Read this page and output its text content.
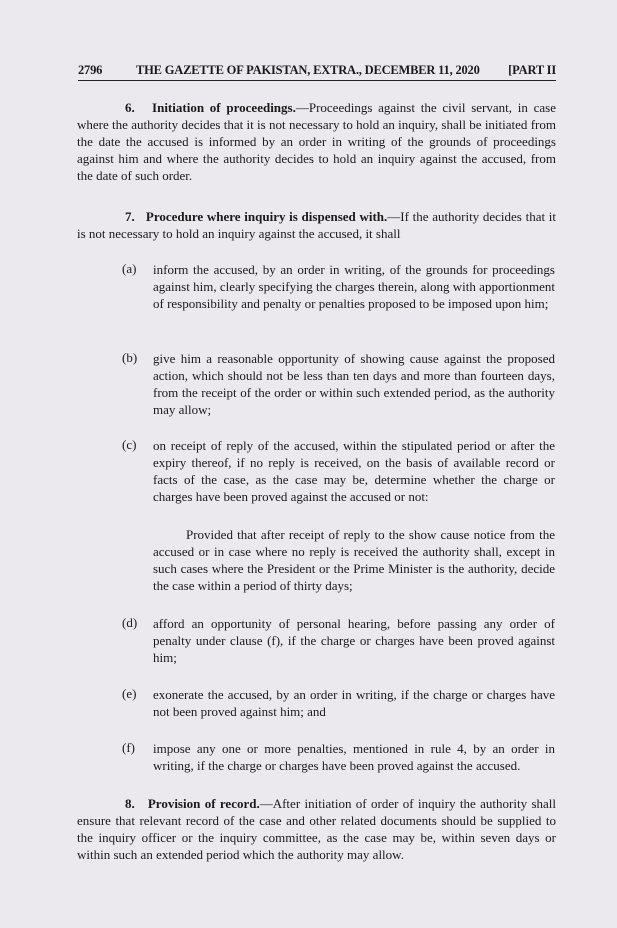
2796	THE GAZETTE OF PAKISTAN, EXTRA., DECEMBER 11, 2020 [PART II
6. Initiation of proceedings.—Proceedings against the civil servant, in case where the authority decides that it is not necessary to hold an inquiry, shall be initiated from the date the accused is informed by an order in writing of the grounds of proceedings against him and where the authority decides to hold an inquiry against the accused, from the date of such order.
7. Procedure where inquiry is dispensed with.—If the authority decides that it is not necessary to hold an inquiry against the accused, it shall
(a) inform the accused, by an order in writing, of the grounds for proceedings against him, clearly specifying the charges therein, along with apportionment of responsibility and penalty or penalties proposed to be imposed upon him;
(b) give him a reasonable opportunity of showing cause against the proposed action, which should not be less than ten days and more than fourteen days, from the receipt of the order or within such extended period, as the authority may allow;
(c) on receipt of reply of the accused, within the stipulated period or after the expiry thereof, if no reply is received, on the basis of available record or facts of the case, as the case may be, determine whether the charge or charges have been proved against the accused or not:
Provided that after receipt of reply to the show cause notice from the accused or in case where no reply is received the authority shall, except in such cases where the President or the Prime Minister is the authority, decide the case within a period of thirty days;
(d) afford an opportunity of personal hearing, before passing any order of penalty under clause (f), if the charge or charges have been proved against him;
(e) exonerate the accused, by an order in writing, if the charge or charges have not been proved against him; and
(f) impose any one or more penalties, mentioned in rule 4, by an order in writing, if the charge or charges have been proved against the accused.
8. Provision of record.—After initiation of order of inquiry the authority shall ensure that relevant record of the case and other related documents should be supplied to the inquiry officer or the inquiry committee, as the case may be, within seven days or within such an extended period which the authority may allow.
